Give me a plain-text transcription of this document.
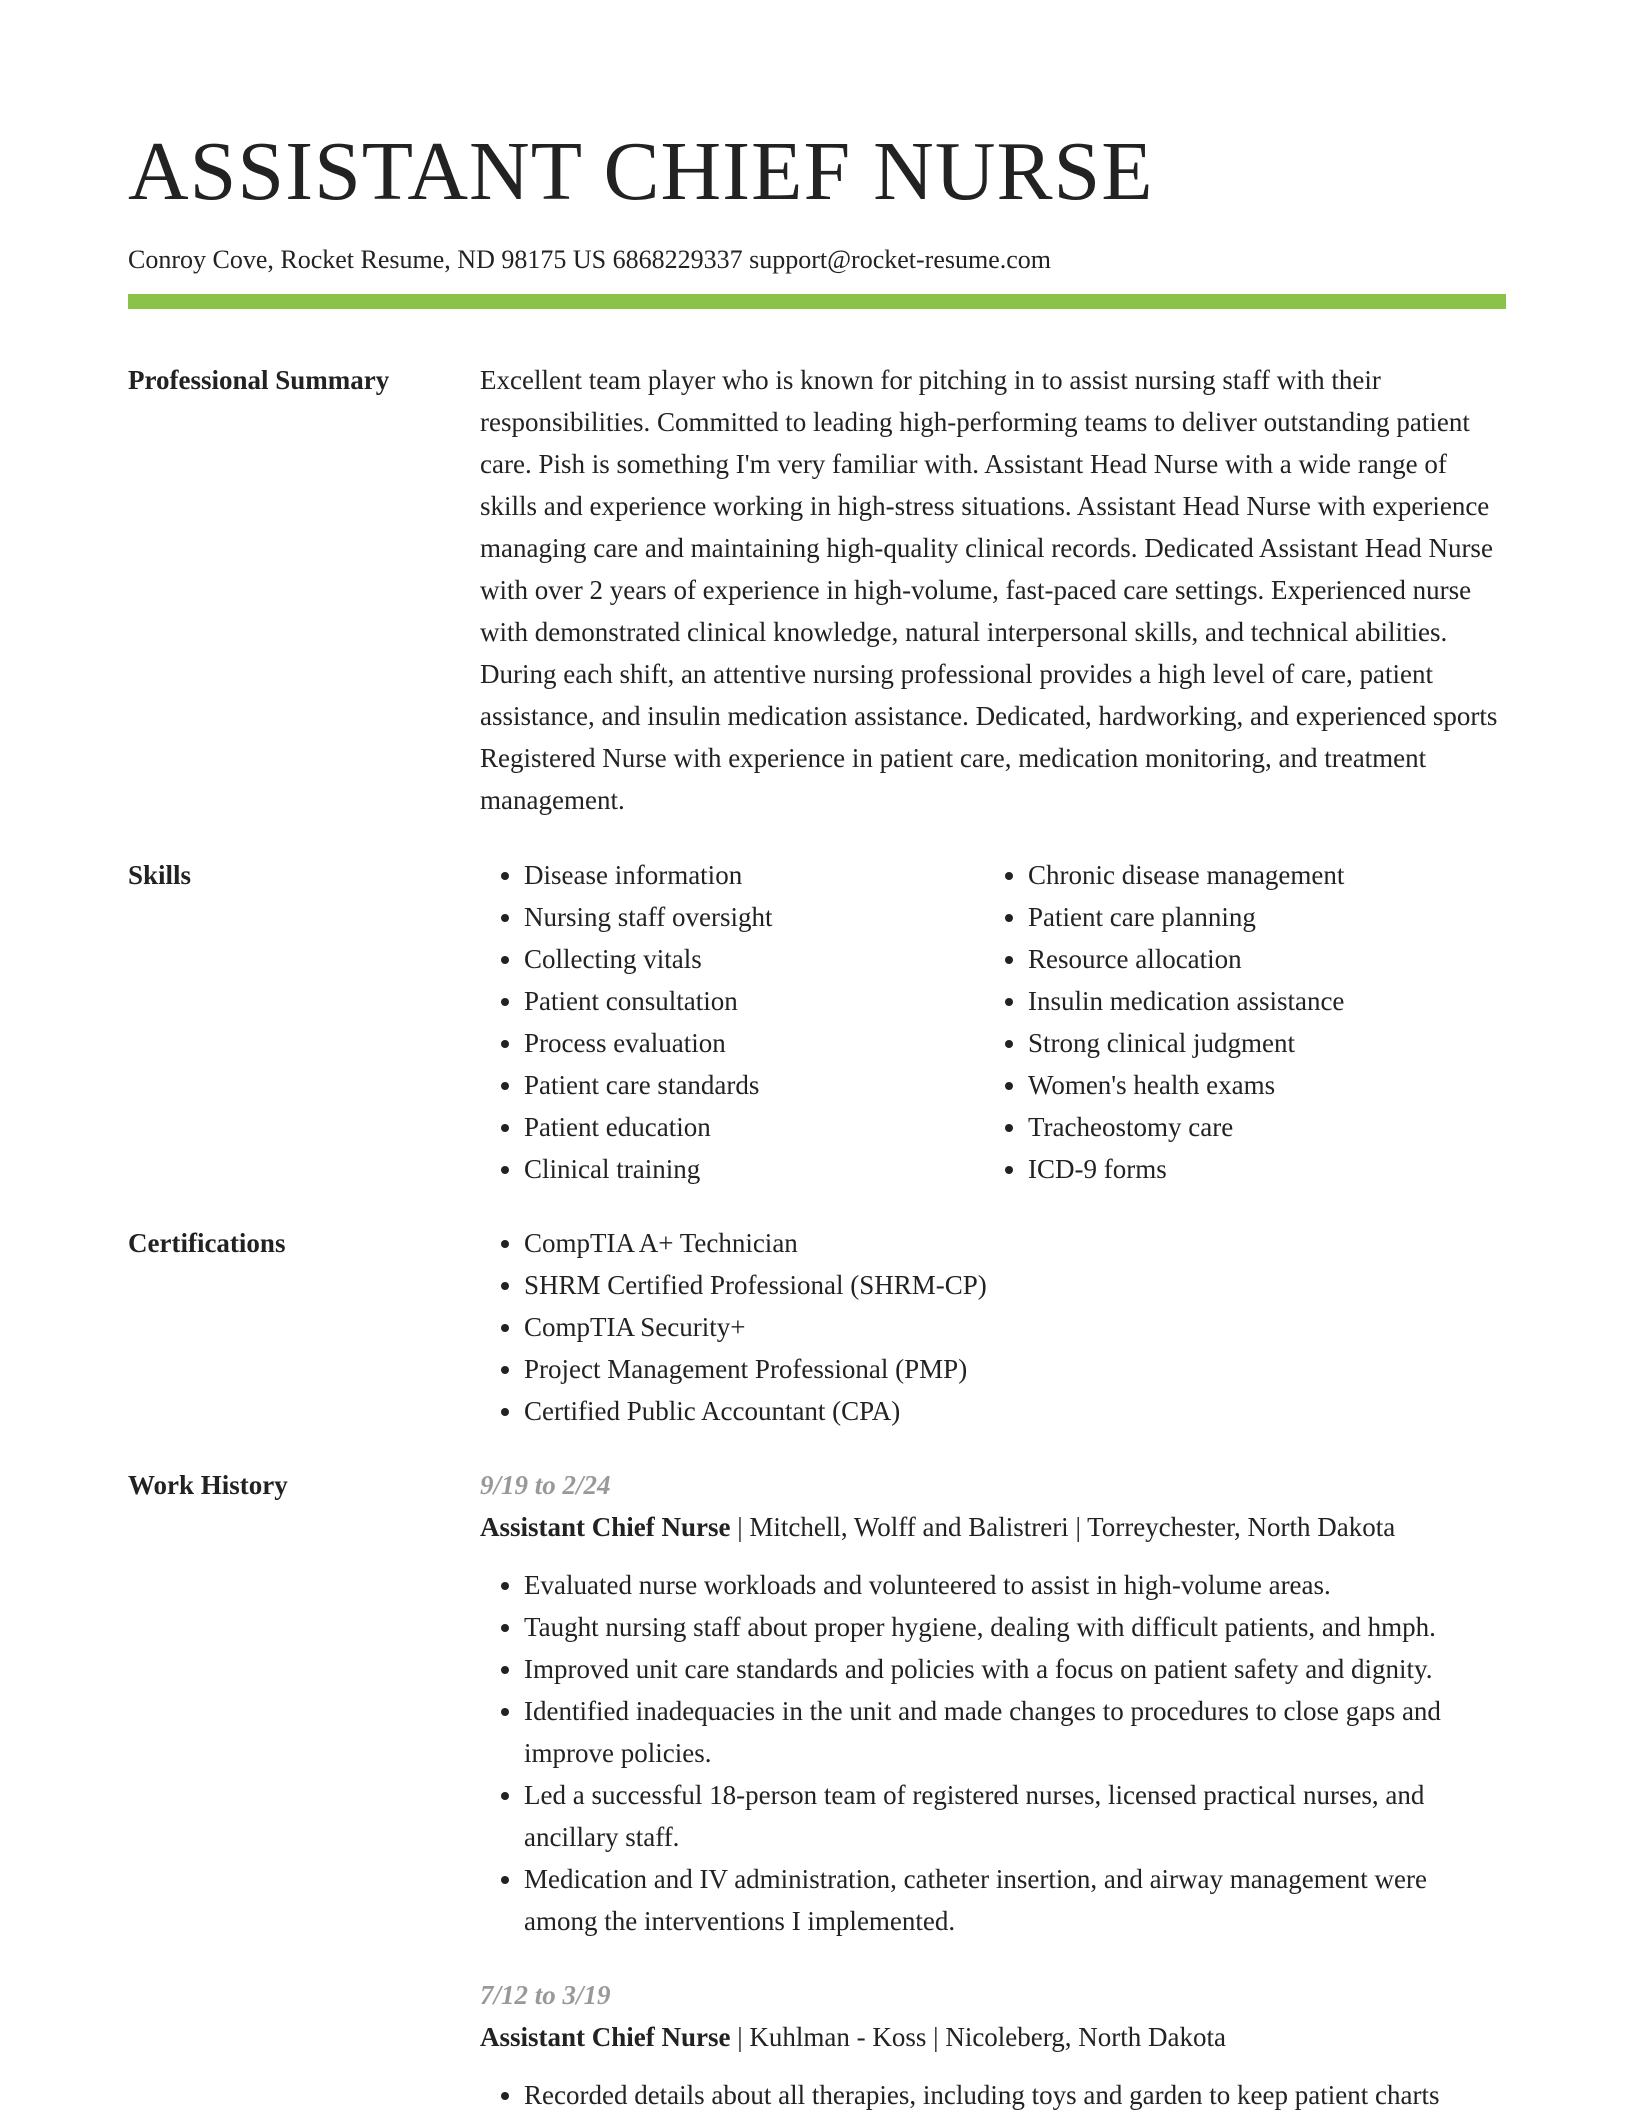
ASSISTANT CHIEF NURSE
Conroy Cove, Rocket Resume, ND 98175 US 6868229337 support@rocket-resume.com
Professional Summary	Excellent team player who is known for pitching in to assist nursing staff with their responsibilities. Committed to leading high-performing teams to deliver outstanding patient care. Pish is something I'm very familiar with. Assistant Head Nurse with a wide range of skills and experience working in high-stress situations. Assistant Head Nurse with experience managing care and maintaining high-quality clinical records. Dedicated Assistant Head Nurse with over 2 years of experience in high-volume, fast-paced care settings. Experienced nurse with demonstrated clinical knowledge, natural interpersonal skills, and technical abilities. During each shift, an attentive nursing professional provides a high level of care, patient assistance, and insulin medication assistance. Dedicated, hardworking, and experienced sports Registered Nurse with experience in patient care, medication monitoring, and treatment management.

Skills	• Disease information
• Nursing staff oversight
• Collecting vitals
• Patient consultation
• Process evaluation
• Patient care standards
• Patient education
• Clinical training
• Chronic disease management
• Patient care planning
• Resource allocation
• Insulin medication assistance
• Strong clinical judgment
• Women's health exams
• Tracheostomy care
• ICD-9 forms
Certifications	• CompTIA A+ Technician
• SHRM Certified Professional (SHRM-CP)
• CompTIA Security+
• Project Management Professional (PMP)
• Certified Public Accountant (CPA)
Work History	9/19 to 2/24
Assistant Chief Nurse | Mitchell, Wolff and Balistreri | Torreychester, North Dakota
• Evaluated nurse workloads and volunteered to assist in high-volume areas.
• Taught nursing staff about proper hygiene, dealing with difficult patients, and hmph.
• Improved unit care standards and policies with a focus on patient safety and dignity.
• Identified inadequacies in the unit and made changes to procedures to close gaps and improve policies.
• Led a successful 18-person team of registered nurses, licensed practical nurses, and ancillary staff.
• Medication and IV administration, catheter insertion, and airway management were among the interventions I implemented.
7/12 to 3/19
Assistant Chief Nurse | Kuhlman - Koss | Nicoleberg, North Dakota
• Recorded details about all therapies, including toys and garden to keep patient charts
